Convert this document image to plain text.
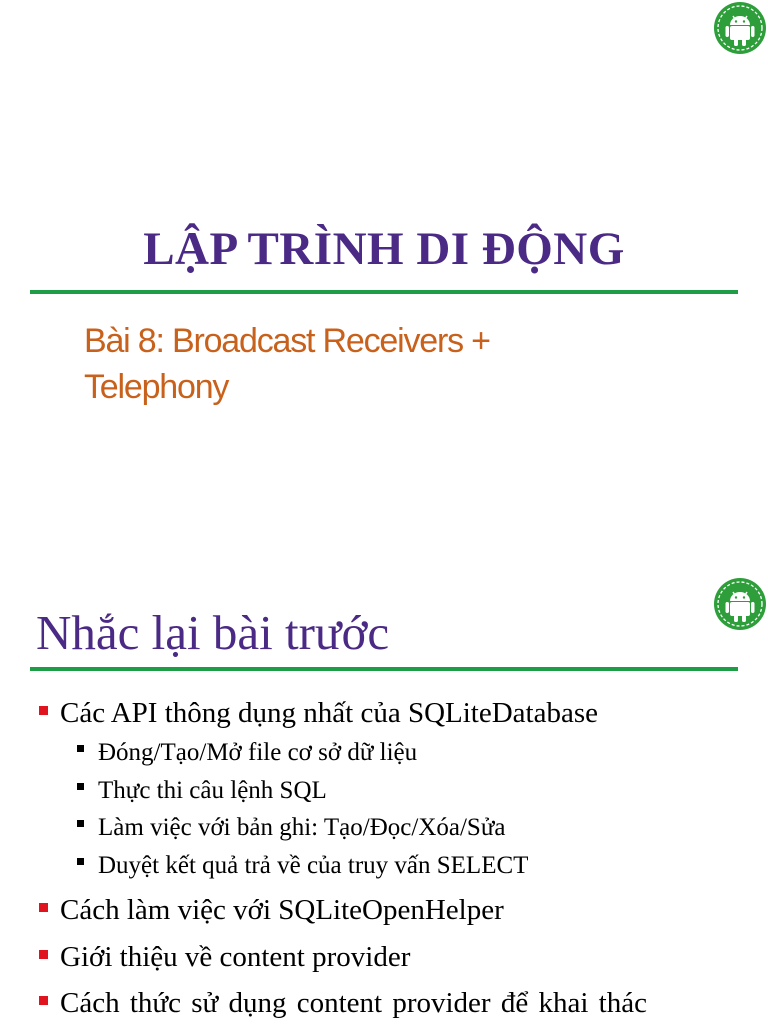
LẬP TRÌNH DI ĐỘNG
Bài 8: Broadcast Receivers +
Telephony
Nhắc lại bài trước
Các API thông dụng nhất của SQLiteDatabase
Đóng/Tạo/Mở file cơ sở dữ liệu
Thực thi câu lệnh SQL
Làm việc với bản ghi: Tạo/Đọc/Xóa/Sửa
Duyệt kết quả trả về của truy vấn SELECT
Cách làm việc với SQLiteOpenHelper
Giới thiệu về content provider
Cách thức sử dụng content provider để khai thác
